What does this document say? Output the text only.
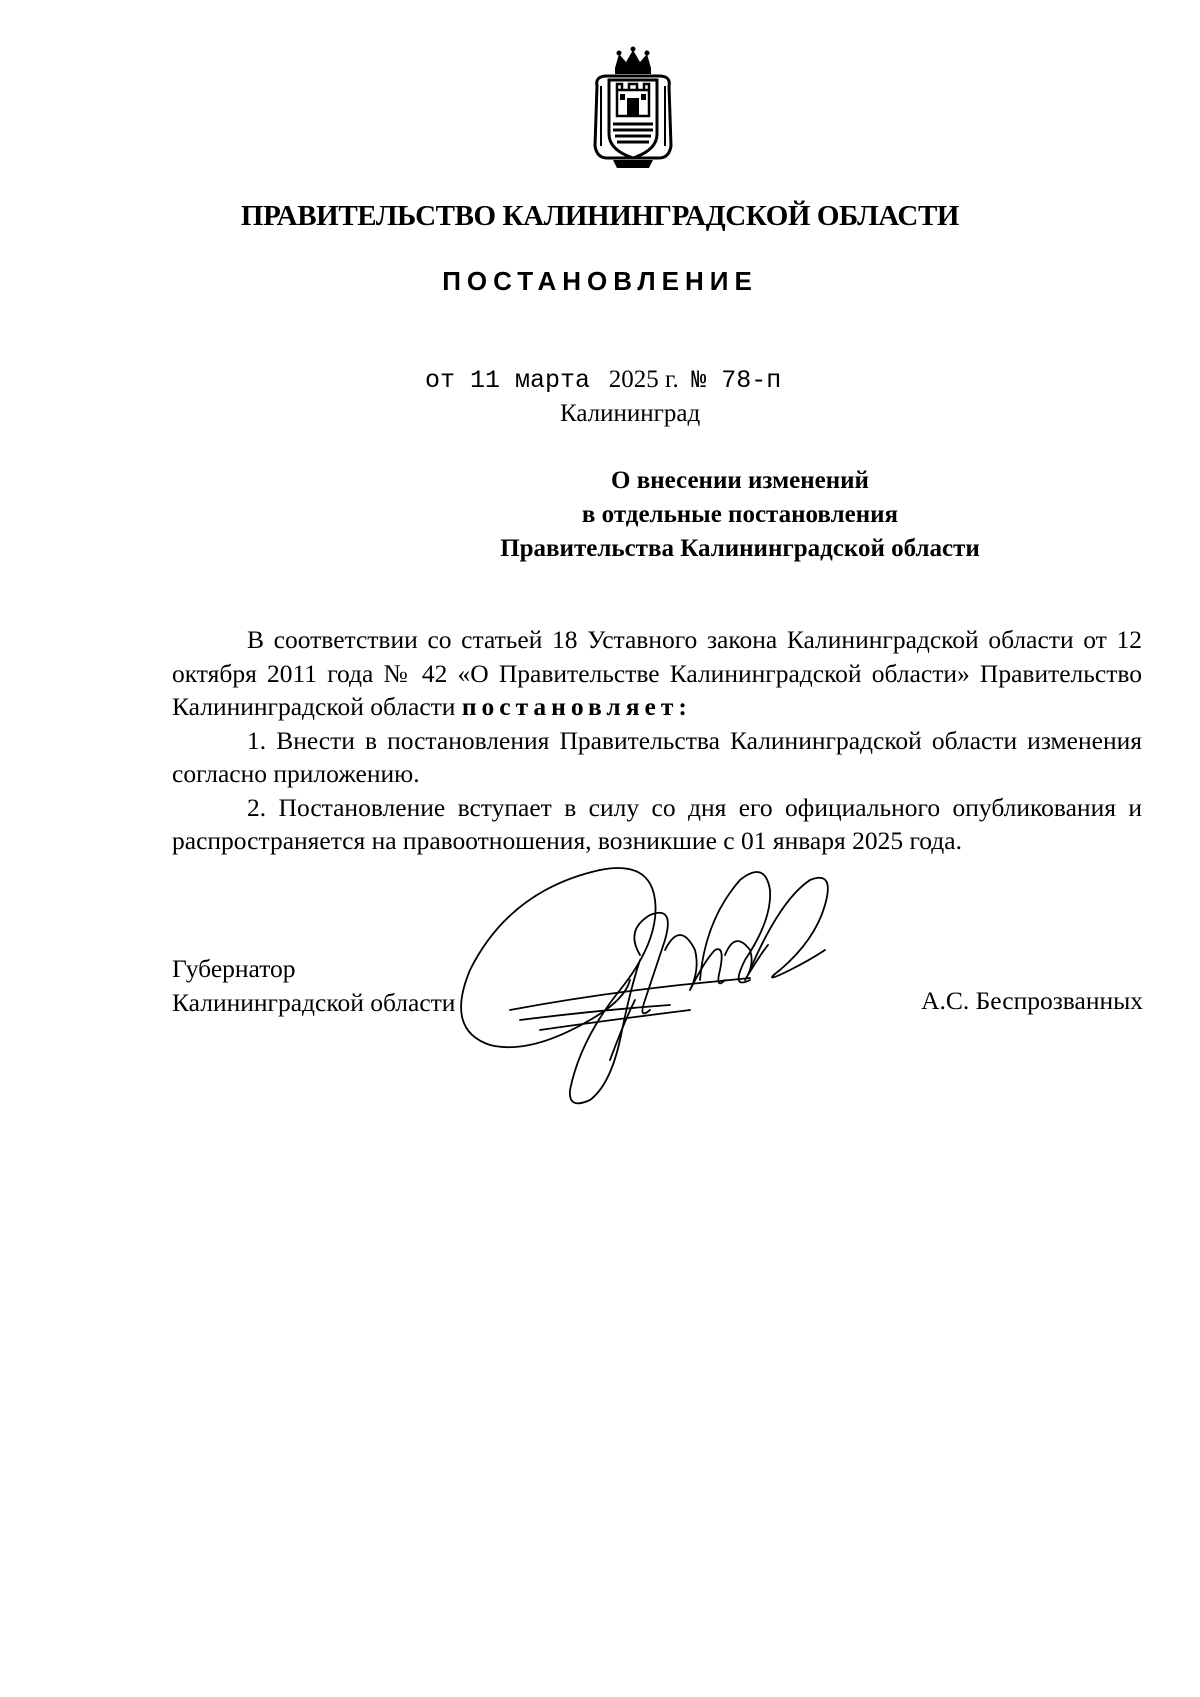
ПРАВИТЕЛЬСТВО КАЛИНИНГРАДСКОЙ ОБЛАСТИ
ПОСТАНОВЛЕНИЕ
от 11 марта 2025 г. № 78-п
Калининград
О внесении изменений
в отдельные постановления
Правительства Калининградской области

В соответствии со статьей 18 Уставного закона Калининградской области от 12 октября 2011 года № 42 «О Правительстве Калининградской области» Правительство Калининградской области постановляет:

1. Внести в постановления Правительства Калининградской области изменения согласно приложению.

2. Постановление вступает в силу со дня его официального опубликования и распространяется на правоотношения, возникшие с 01 января 2025 года.

Губернатор
Калининградской области	А.С. Беспрозванных
